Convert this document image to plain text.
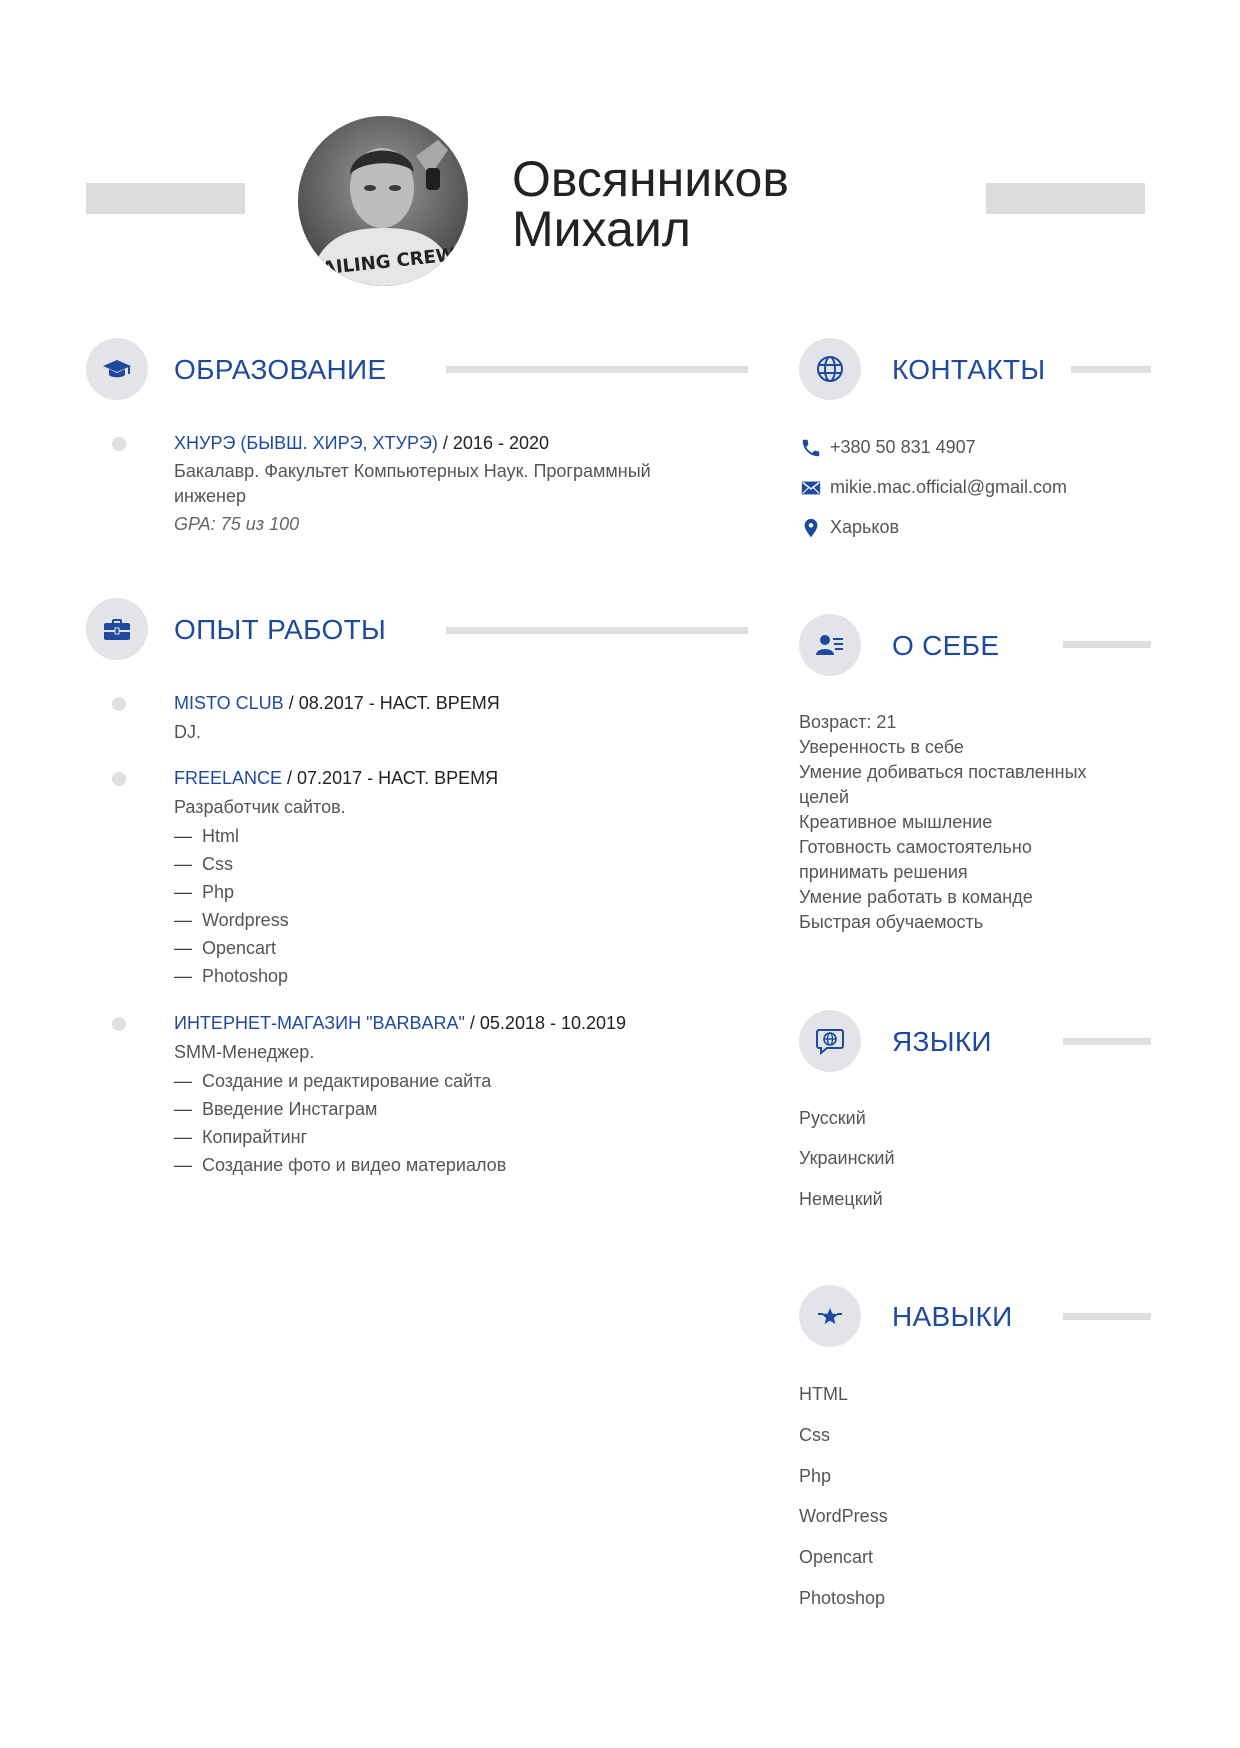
SAILING CREW
Овсянников
Михаил
ОБРАЗОВАНИЕ
ХНУРЭ (БЫВШ. ХИРЭ, ХТУРЭ) / 2016 - 2020
Бакалавр. Факультет Компьютерных Наук. Программный
инженер
GPA: 75 из 100
ОПЫТ РАБОТЫ
MISTO CLUB / 08.2017 - НАСТ. ВРЕМЯ
DJ.
FREELANCE / 07.2017 - НАСТ. ВРЕМЯ
Разработчик сайтов.
— Html
— Css
— Php
— Wordpress
— Opencart
— Photoshop
ИНТЕРНЕТ-МАГАЗИН "BARBARA" / 05.2018 - 10.2019
SMM-Менеджер.
— Создание и редактирование сайта
— Введение Инстаграм
— Копирайтинг
— Создание фото и видео материалов
КОНТАКТЫ
+380 50 831 4907
mikie.mac.official@gmail.com
Харьков
О СЕБЕ
Возраст: 21
Уверенность в себе
Умение добиваться поставленных
целей
Креативное мышление
Готовность самостоятельно
принимать решения
Умение работать в команде
Быстрая обучаемость
ЯЗЫКИ
Русский
Украинский
Немецкий
НАВЫКИ
HTML
Css
Php
WordPress
Opencart
Photoshop
